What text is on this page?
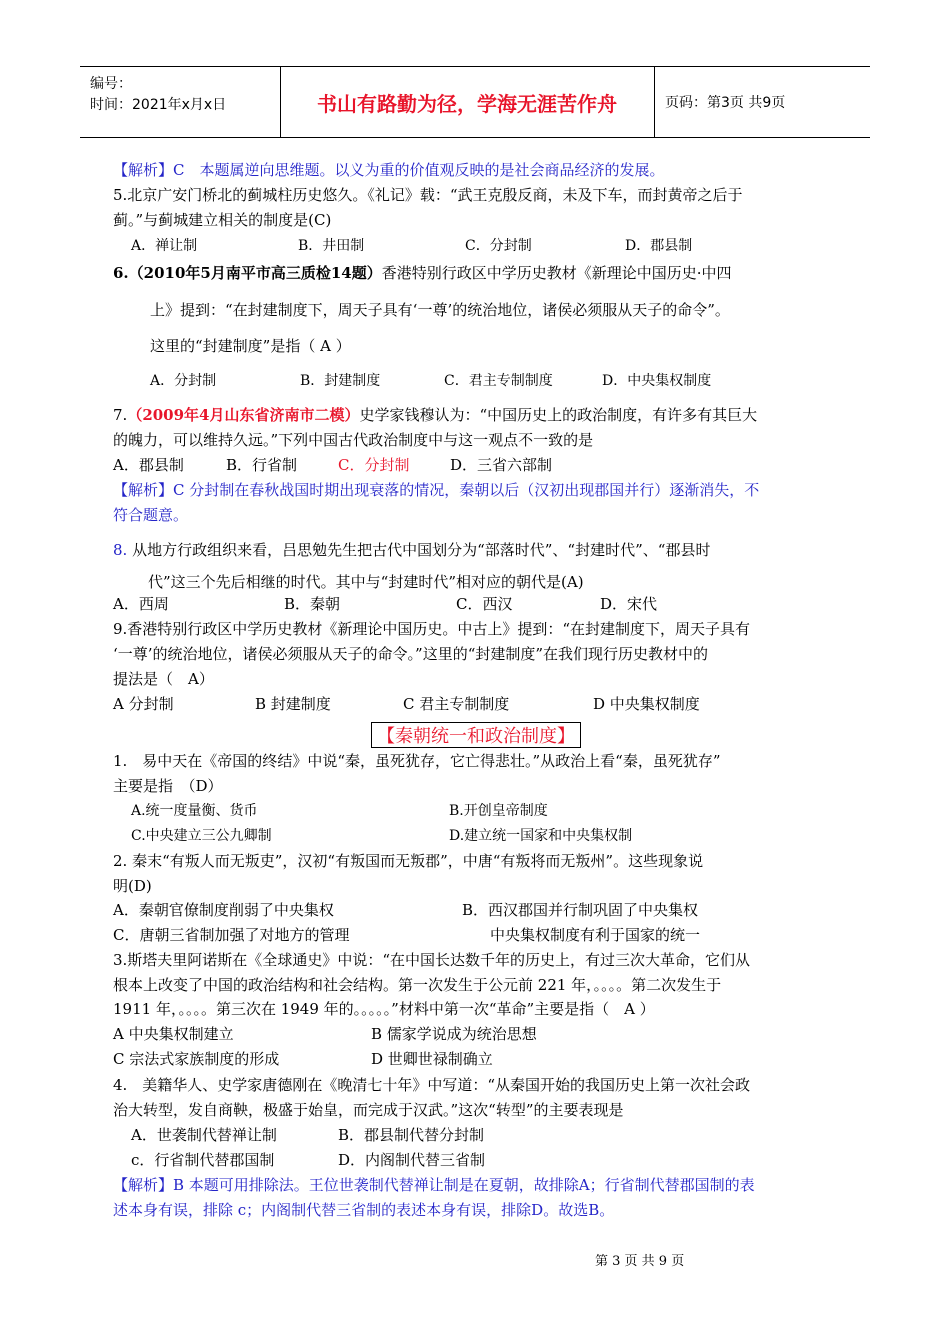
编号：
时间：2021年x月x日	书山有路勤为径，学海无涯苦作舟	页码：第3页 共9页
【解析】C　本题属逆向思维题。以义为重的价值观反映的是社会商品经济的发展。
5.北京广安门桥北的蓟城柱历史悠久。《礼记》载：“武王克殷反商，未及下车，而封黄帝之后于
蓟。”与蓟城建立相关的制度是(C)
A．禅让制	B．井田制	C．分封制	D．郡县制
6.（2010年5月南平市高三质检14题）香港特别行政区中学历史教材《新理论中国历史·中四
上》提到：“在封建制度下，周天子具有‘一尊’的统治地位，诸侯必须服从天子的命令”。
这里的“封建制度”是指（ A ）
A．分封制	B．封建制度	C．君主专制制度	D．中央集权制度
7.（2009年4月山东省济南市二模）史学家钱穆认为：“中国历史上的政治制度，有许多有其巨大
的魄力，可以维持久远。”下列中国古代政治制度中与这一观点不一致的是
A．郡县制	B．行省制	C．分封制	D．三省六部制
【解析】C 分封制在春秋战国时期出现衰落的情况，秦朝以后（汉初出现郡国并行）逐渐消失，不
符合题意。
8. 从地方行政组织来看，吕思勉先生把古代中国划分为“部落时代”、“封建时代”、“郡县时
代”这三个先后相继的时代。其中与“封建时代”相对应的朝代是(A)
A．西周	B．秦朝	C．西汉	D．宋代
9.香港特别行政区中学历史教材《新理论中国历史。中古上》提到：“在封建制度下，周天子具有
‘一尊’的统治地位，诸侯必须服从天子的命令。”这里的“封建制度”在我们现行历史教材中的
提法是（　A）
A 分封制	B 封建制度	C 君主专制制度	D 中央集权制度
【秦朝统一和政治制度】
1.　易中天在《帝国的终结》中说“秦，虽死犹存，它亡得悲壮。”从政治上看“秦，虽死犹存”
主要是指　（D）
A.统一度量衡、货币	B.开创皇帝制度
C.中央建立三公九卿制	D.建立统一国家和中央集权制
2. 秦末“有叛人而无叛吏”，汉初“有叛国而无叛郡”，中唐“有叛将而无叛州”。这些现象说
明(D)
A．秦朝官僚制度削弱了中央集权	B．西汉郡国并行制巩固了中央集权
C．唐朝三省制加强了对地方的管理	中央集权制度有利于国家的统一
3.斯塔夫里阿诺斯在《全球通史》中说：“在中国长达数千年的历史上，有过三次大革命，它们从
根本上改变了中国的政治结构和社会结构。第一次发生于公元前 221 年，。。。。第二次发生于
1911 年，。。。。第三次在 1949 年的。。。。。”材料中第一次“革命”主要是指（　A ）
A 中央集权制建立	B 儒家学说成为统治思想
C 宗法式家族制度的形成	D 世卿世禄制确立
4.　美籍华人、史学家唐德刚在《晚清七十年》中写道：“从秦国开始的我国历史上第一次社会政
治大转型，发自商鞅，极盛于始皇，而完成于汉武。”这次“转型”的主要表现是
A．世袭制代替禅让制	B．郡县制代替分封制
c．行省制代替郡国制	D．内阁制代替三省制
【解析】B 本题可用排除法。王位世袭制代替禅让制是在夏朝，故排除A；行省制代替郡国制的表
述本身有误，排除 c；内阁制代替三省制的表述本身有误，排除D。故选B。
第 3 页 共 9 页
